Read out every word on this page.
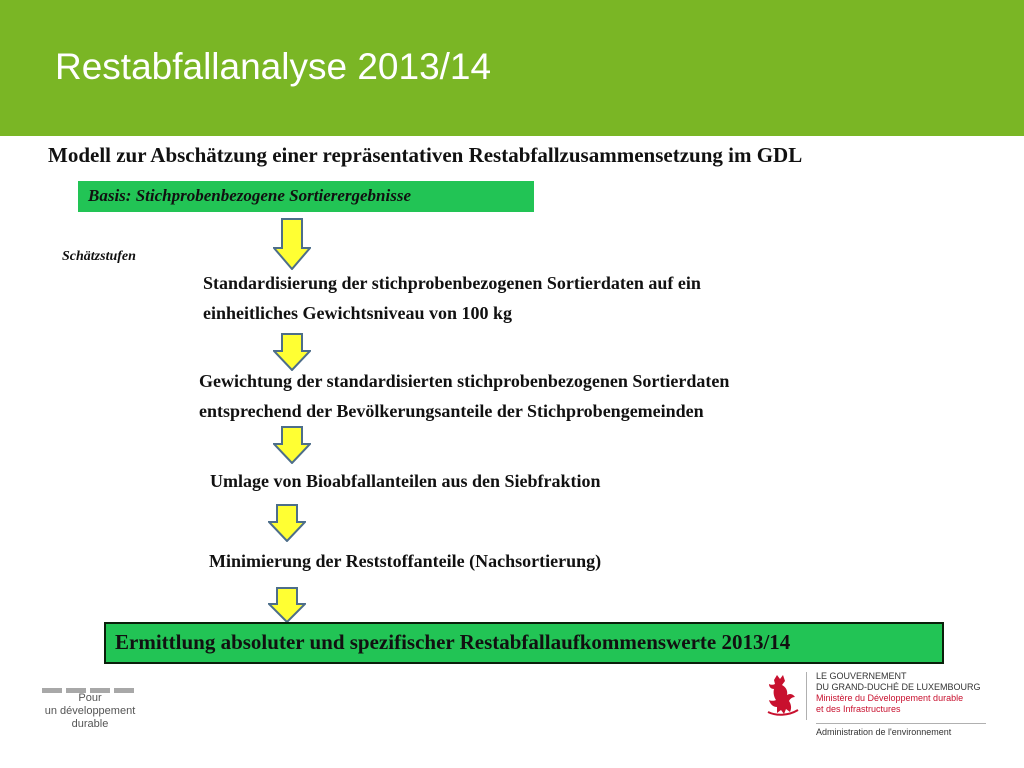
Restabfallanalyse 2013/14
Modell zur Abschätzung einer repräsentativen Restabfallzusammensetzung im GDL
Basis: Stichprobenbezogene Sortierergebnisse
Schätzstufen
Standardisierung der stichprobenbezogenen Sortierdaten auf ein
einheitliches Gewichtsniveau von 100 kg
Gewichtung der standardisierten stichprobenbezogenen Sortierdaten
entsprechend der Bevölkerungsanteile der Stichprobengemeinden
Umlage von Bioabfallanteilen aus den Siebfraktion
Minimierung der Reststoffanteile (Nachsortierung)
Ermittlung absoluter und spezifischer Restabfallaufkommenswerte 2013/14
Pour
un développement
durable
LE GOUVERNEMENT
DU GRAND-DUCHÉ DE LUXEMBOURG
Ministère du Développement durable
et des Infrastructures
Administration de l'environnement
